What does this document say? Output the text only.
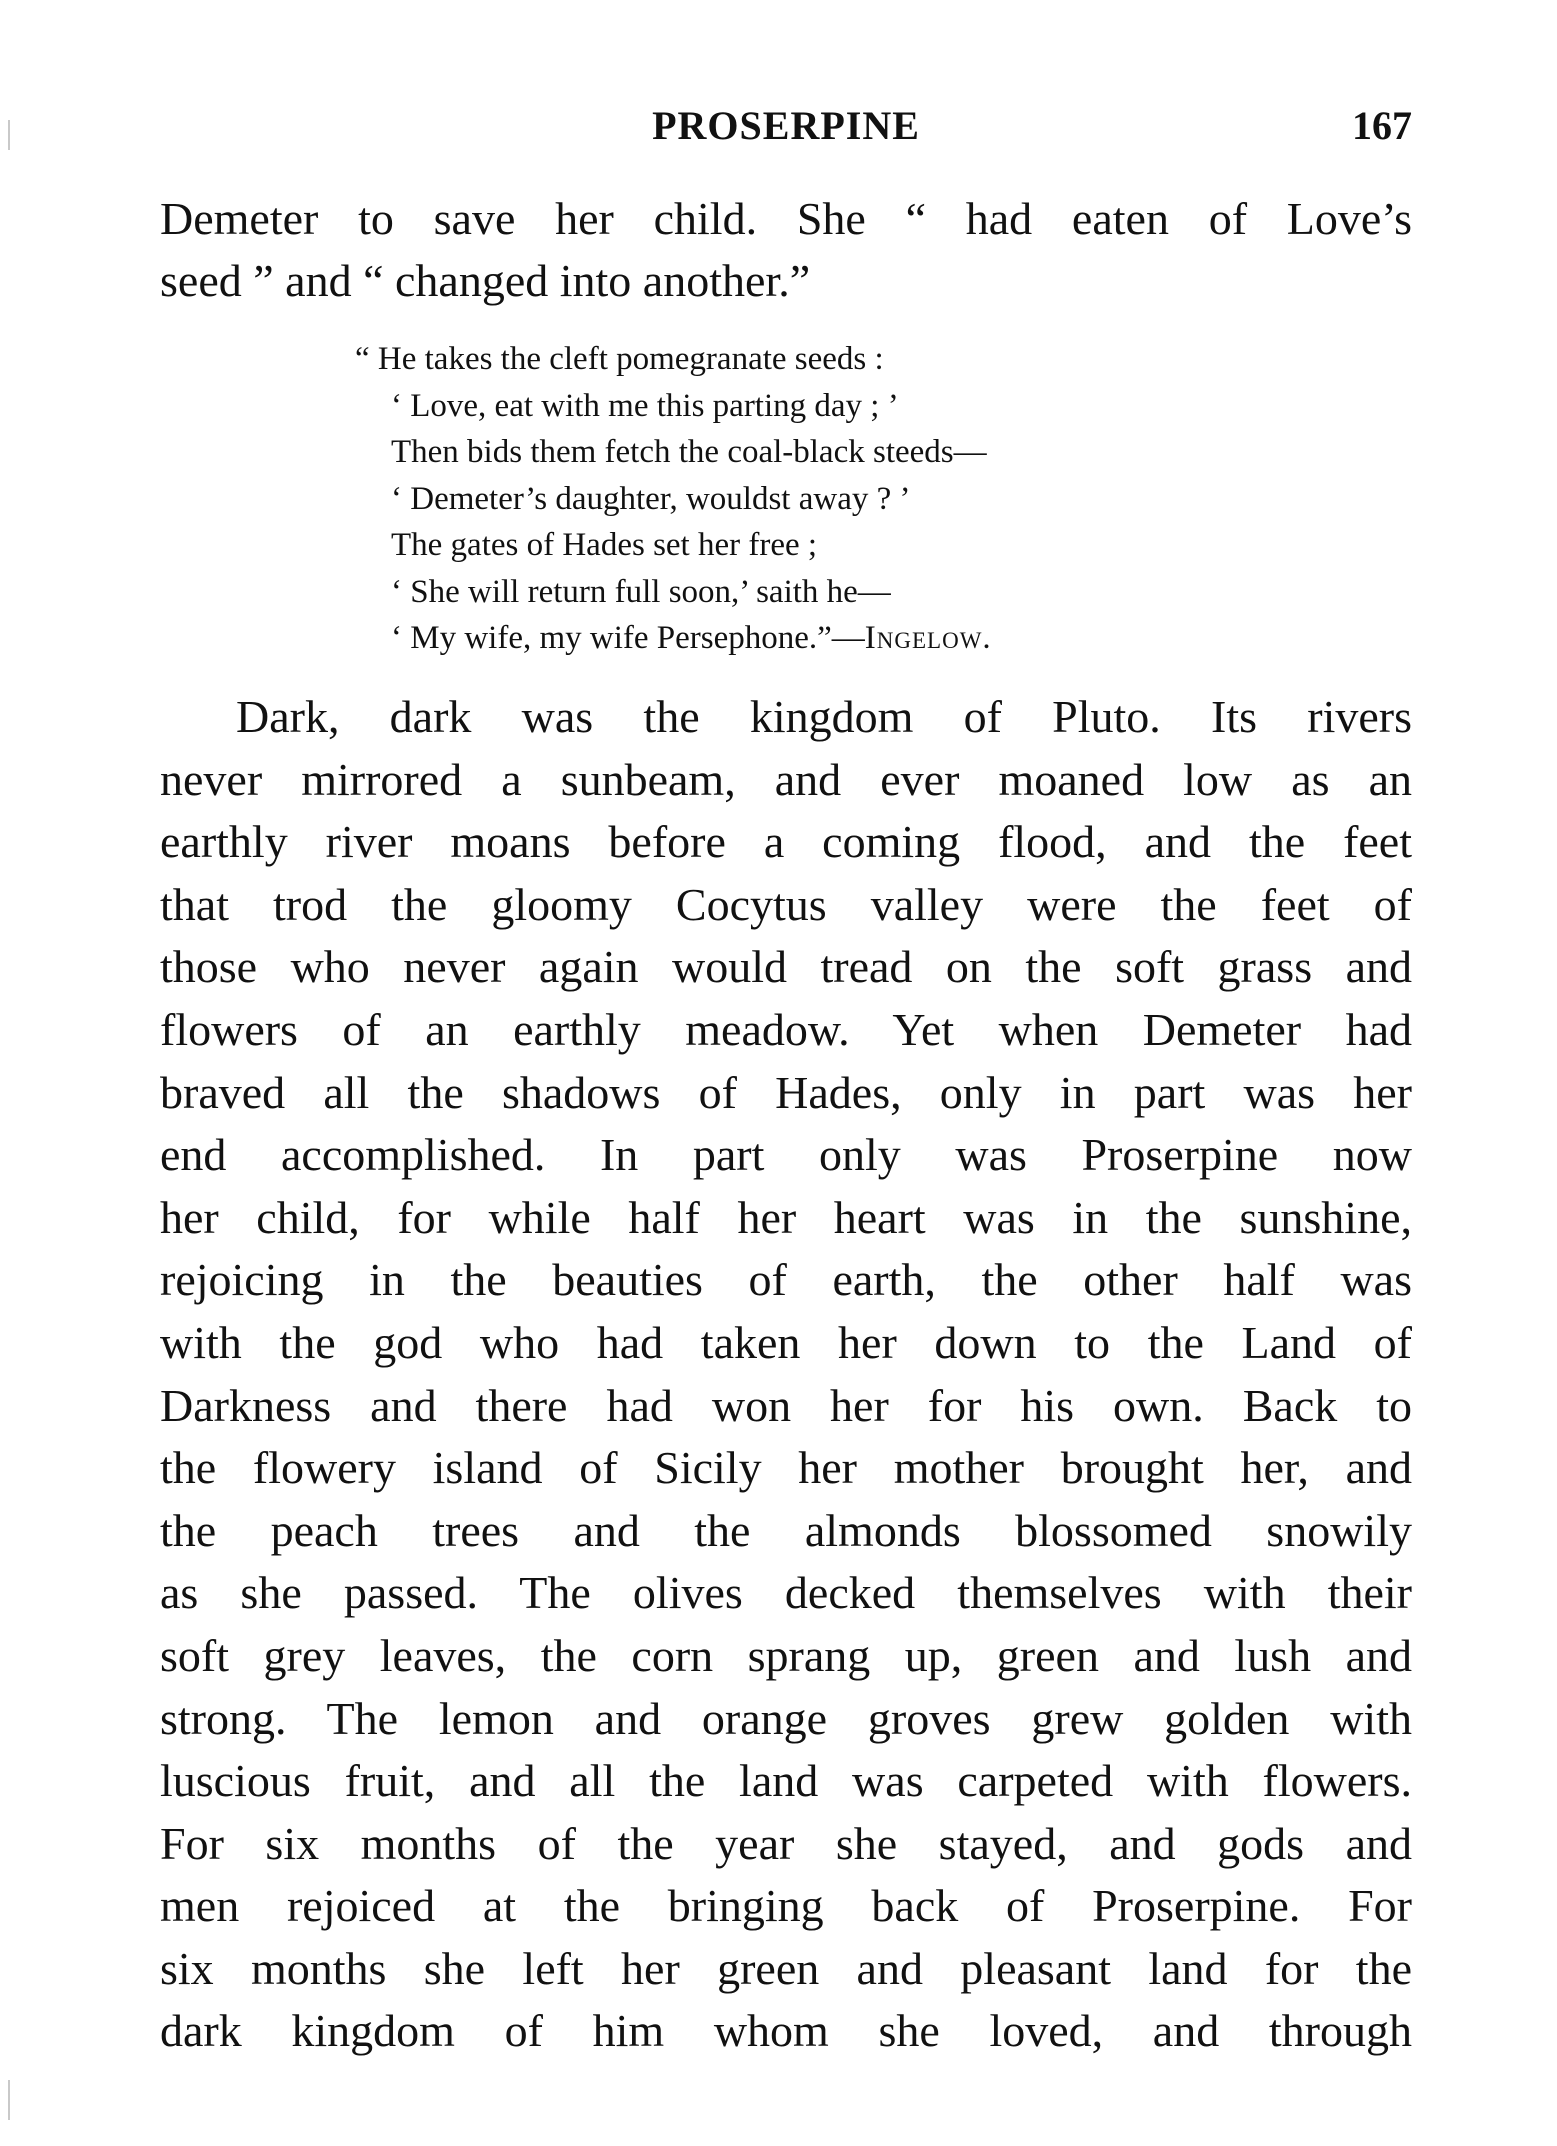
PROSERPINE	167
Demeter to save her child. She “ had eaten of Love’s
seed ” and “ changed into another.”
“ He takes the cleft pomegranate seeds :
‘ Love, eat with me this parting day ; ’
Then bids them fetch the coal-black steeds—
‘ Demeter’s daughter, wouldst away ? ’
The gates of Hades set her free ;
‘ She will return full soon,’ saith he—
‘ My wife, my wife Persephone.”—Ingelow.
Dark, dark was the kingdom of Pluto. Its rivers
never mirrored a sunbeam, and ever moaned low as an
earthly river moans before a coming flood, and the feet
that trod the gloomy Cocytus valley were the feet of
those who never again would tread on the soft grass and
flowers of an earthly meadow. Yet when Demeter had
braved all the shadows of Hades, only in part was her
end accomplished. In part only was Proserpine now
her child, for while half her heart was in the sunshine,
rejoicing in the beauties of earth, the other half was
with the god who had taken her down to the Land of
Darkness and there had won her for his own. Back to
the flowery island of Sicily her mother brought her, and
the peach trees and the almonds blossomed snowily
as she passed. The olives decked themselves with their
soft grey leaves, the corn sprang up, green and lush and
strong. The lemon and orange groves grew golden with
luscious fruit, and all the land was carpeted with flowers.
For six months of the year she stayed, and gods and
men rejoiced at the bringing back of Proserpine. For
six months she left her green and pleasant land for the
dark kingdom of him whom she loved, and through
